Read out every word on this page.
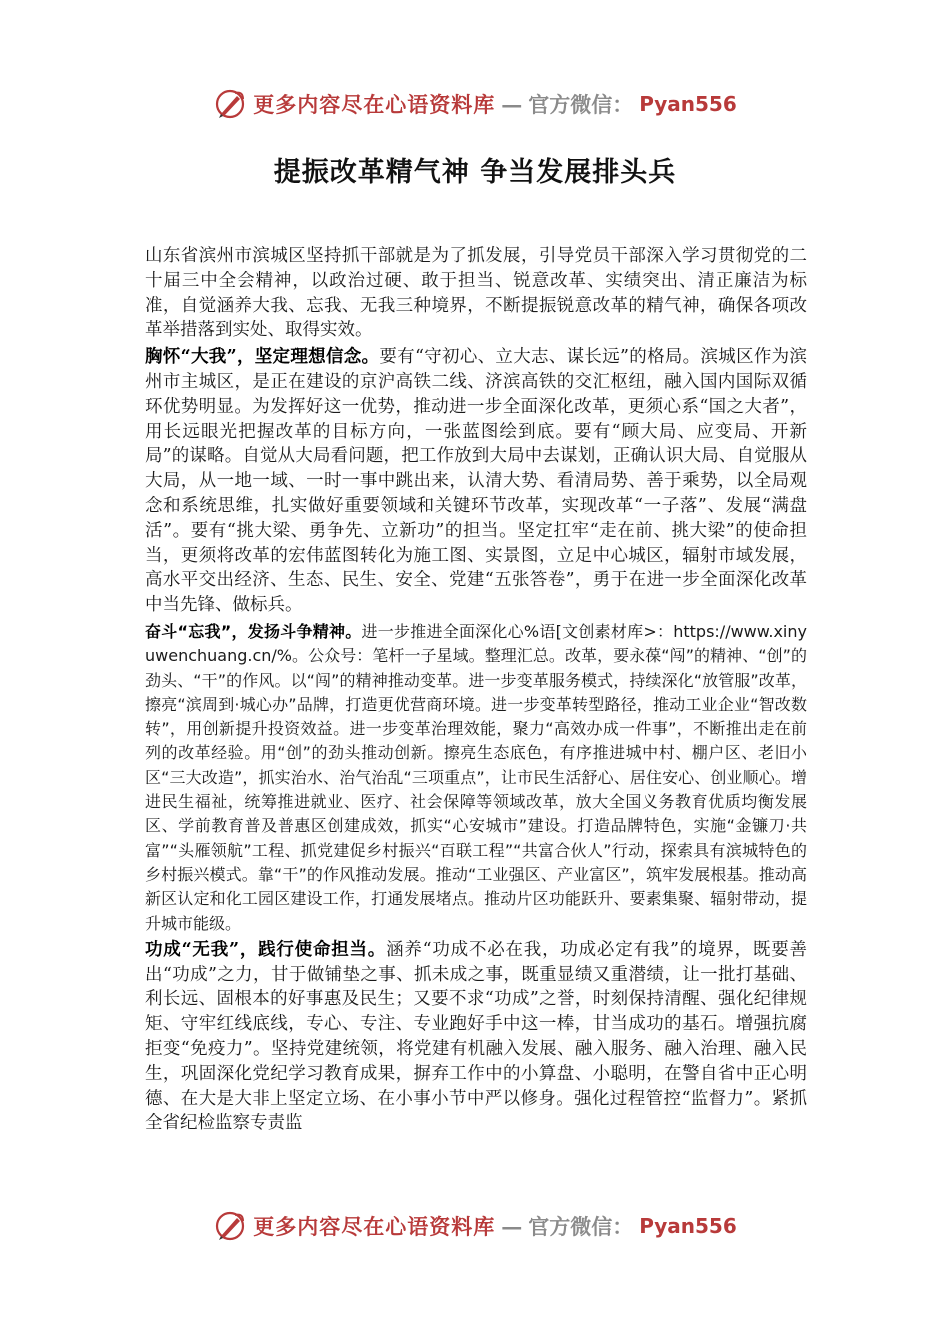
更多内容尽在心语资料库 — 官方微信： Pyan556
提振改革精气神 争当发展排头兵

山东省滨州市滨城区坚持抓干部就是为了抓发展，引导党员干部深入学习贯彻党的二十届三中全会精神，以政治过硬、敢于担当、锐意改革、实绩突出、清正廉洁为标准，自觉涵养大我、忘我、无我三种境界，不断提振锐意改革的精气神，确保各项改革举措落到实处、取得实效。

胸怀“大我”，坚定理想信念。要有“守初心、立大志、谋长远”的格局。滨城区作为滨州市主城区，是正在建设的京沪高铁二线、济滨高铁的交汇枢纽，融入国内国际双循环优势明显。为发挥好这一优势，推动进一步全面深化改革，更须心系“国之大者”，用长远眼光把握改革的目标方向，一张蓝图绘到底。要有“顾大局、应变局、开新局”的谋略。自觉从大局看问题，把工作放到大局中去谋划，正确认识大局、自觉服从大局，从一地一域、一时一事中跳出来，认清大势、看清局势、善于乘势，以全局观念和系统思维，扎实做好重要领域和关键环节改革，实现改革“一子落”、发展“满盘活”。要有“挑大梁、勇争先、立新功”的担当。坚定扛牢“走在前、挑大梁”的使命担当，更须将改革的宏伟蓝图转化为施工图、实景图，立足中心城区，辐射市域发展，高水平交出经济、生态、民生、安全、党建“五张答卷”，勇于在进一步全面深化改革中当先锋、做标兵。

奋斗“忘我”，发扬斗争精神。进一步推进全面深化心%语[文创素材库>：https://www.xinyuwenchuang.cn/%。公众号：笔杆一子星域。整理汇总。改革，要永葆“闯”的精神、“创”的劲头、“干”的作风。以“闯”的精神推动变革。进一步变革服务模式，持续深化“放管服”改革，擦亮“滨周到·城心办”品牌，打造更优营商环境。进一步变革转型路径，推动工业企业“智改数转”，用创新提升投资效益。进一步变革治理效能，聚力“高效办成一件事”，不断推出走在前列的改革经验。用“创”的劲头推动创新。擦亮生态底色，有序推进城中村、棚户区、老旧小区“三大改造”，抓实治水、治气治乱“三项重点”，让市民生活舒心、居住安心、创业顺心。增进民生福祉，统筹推进就业、医疗、社会保障等领域改革，放大全国义务教育优质均衡发展区、学前教育普及普惠区创建成效，抓实“心安城市”建设。打造品牌特色，实施“金镰刀·共富”“头雁领航”工程、抓党建促乡村振兴“百联工程”“共富合伙人”行动，探索具有滨城特色的乡村振兴模式。靠“干”的作风推动发展。推动“工业强区、产业富区”，筑牢发展根基。推动高新区认定和化工园区建设工作，打通发展堵点。推动片区功能跃升、要素集聚、辐射带动，提升城市能级。

功成“无我”，践行使命担当。涵养“功成不必在我，功成必定有我”的境界，既要善出“功成”之力，甘于做铺垫之事、抓未成之事，既重显绩又重潜绩，让一批打基础、利长远、固根本的好事惠及民生；又要不求“功成”之誉，时刻保持清醒、强化纪律规矩、守牢红线底线，专心、专注、专业跑好手中这一棒，甘当成功的基石。增强抗腐拒变“免疫力”。坚持党建统领，将党建有机融入发展、融入服务、融入治理、融入民生，巩固深化党纪学习教育成果，摒弃工作中的小算盘、小聪明，在警自省中正心明德、在大是大非上坚定立场、在小事小节中严以修身。强化过程管控“监督力”。紧抓全省纪检监察专责监

更多内容尽在心语资料库 — 官方微信： Pyan556
